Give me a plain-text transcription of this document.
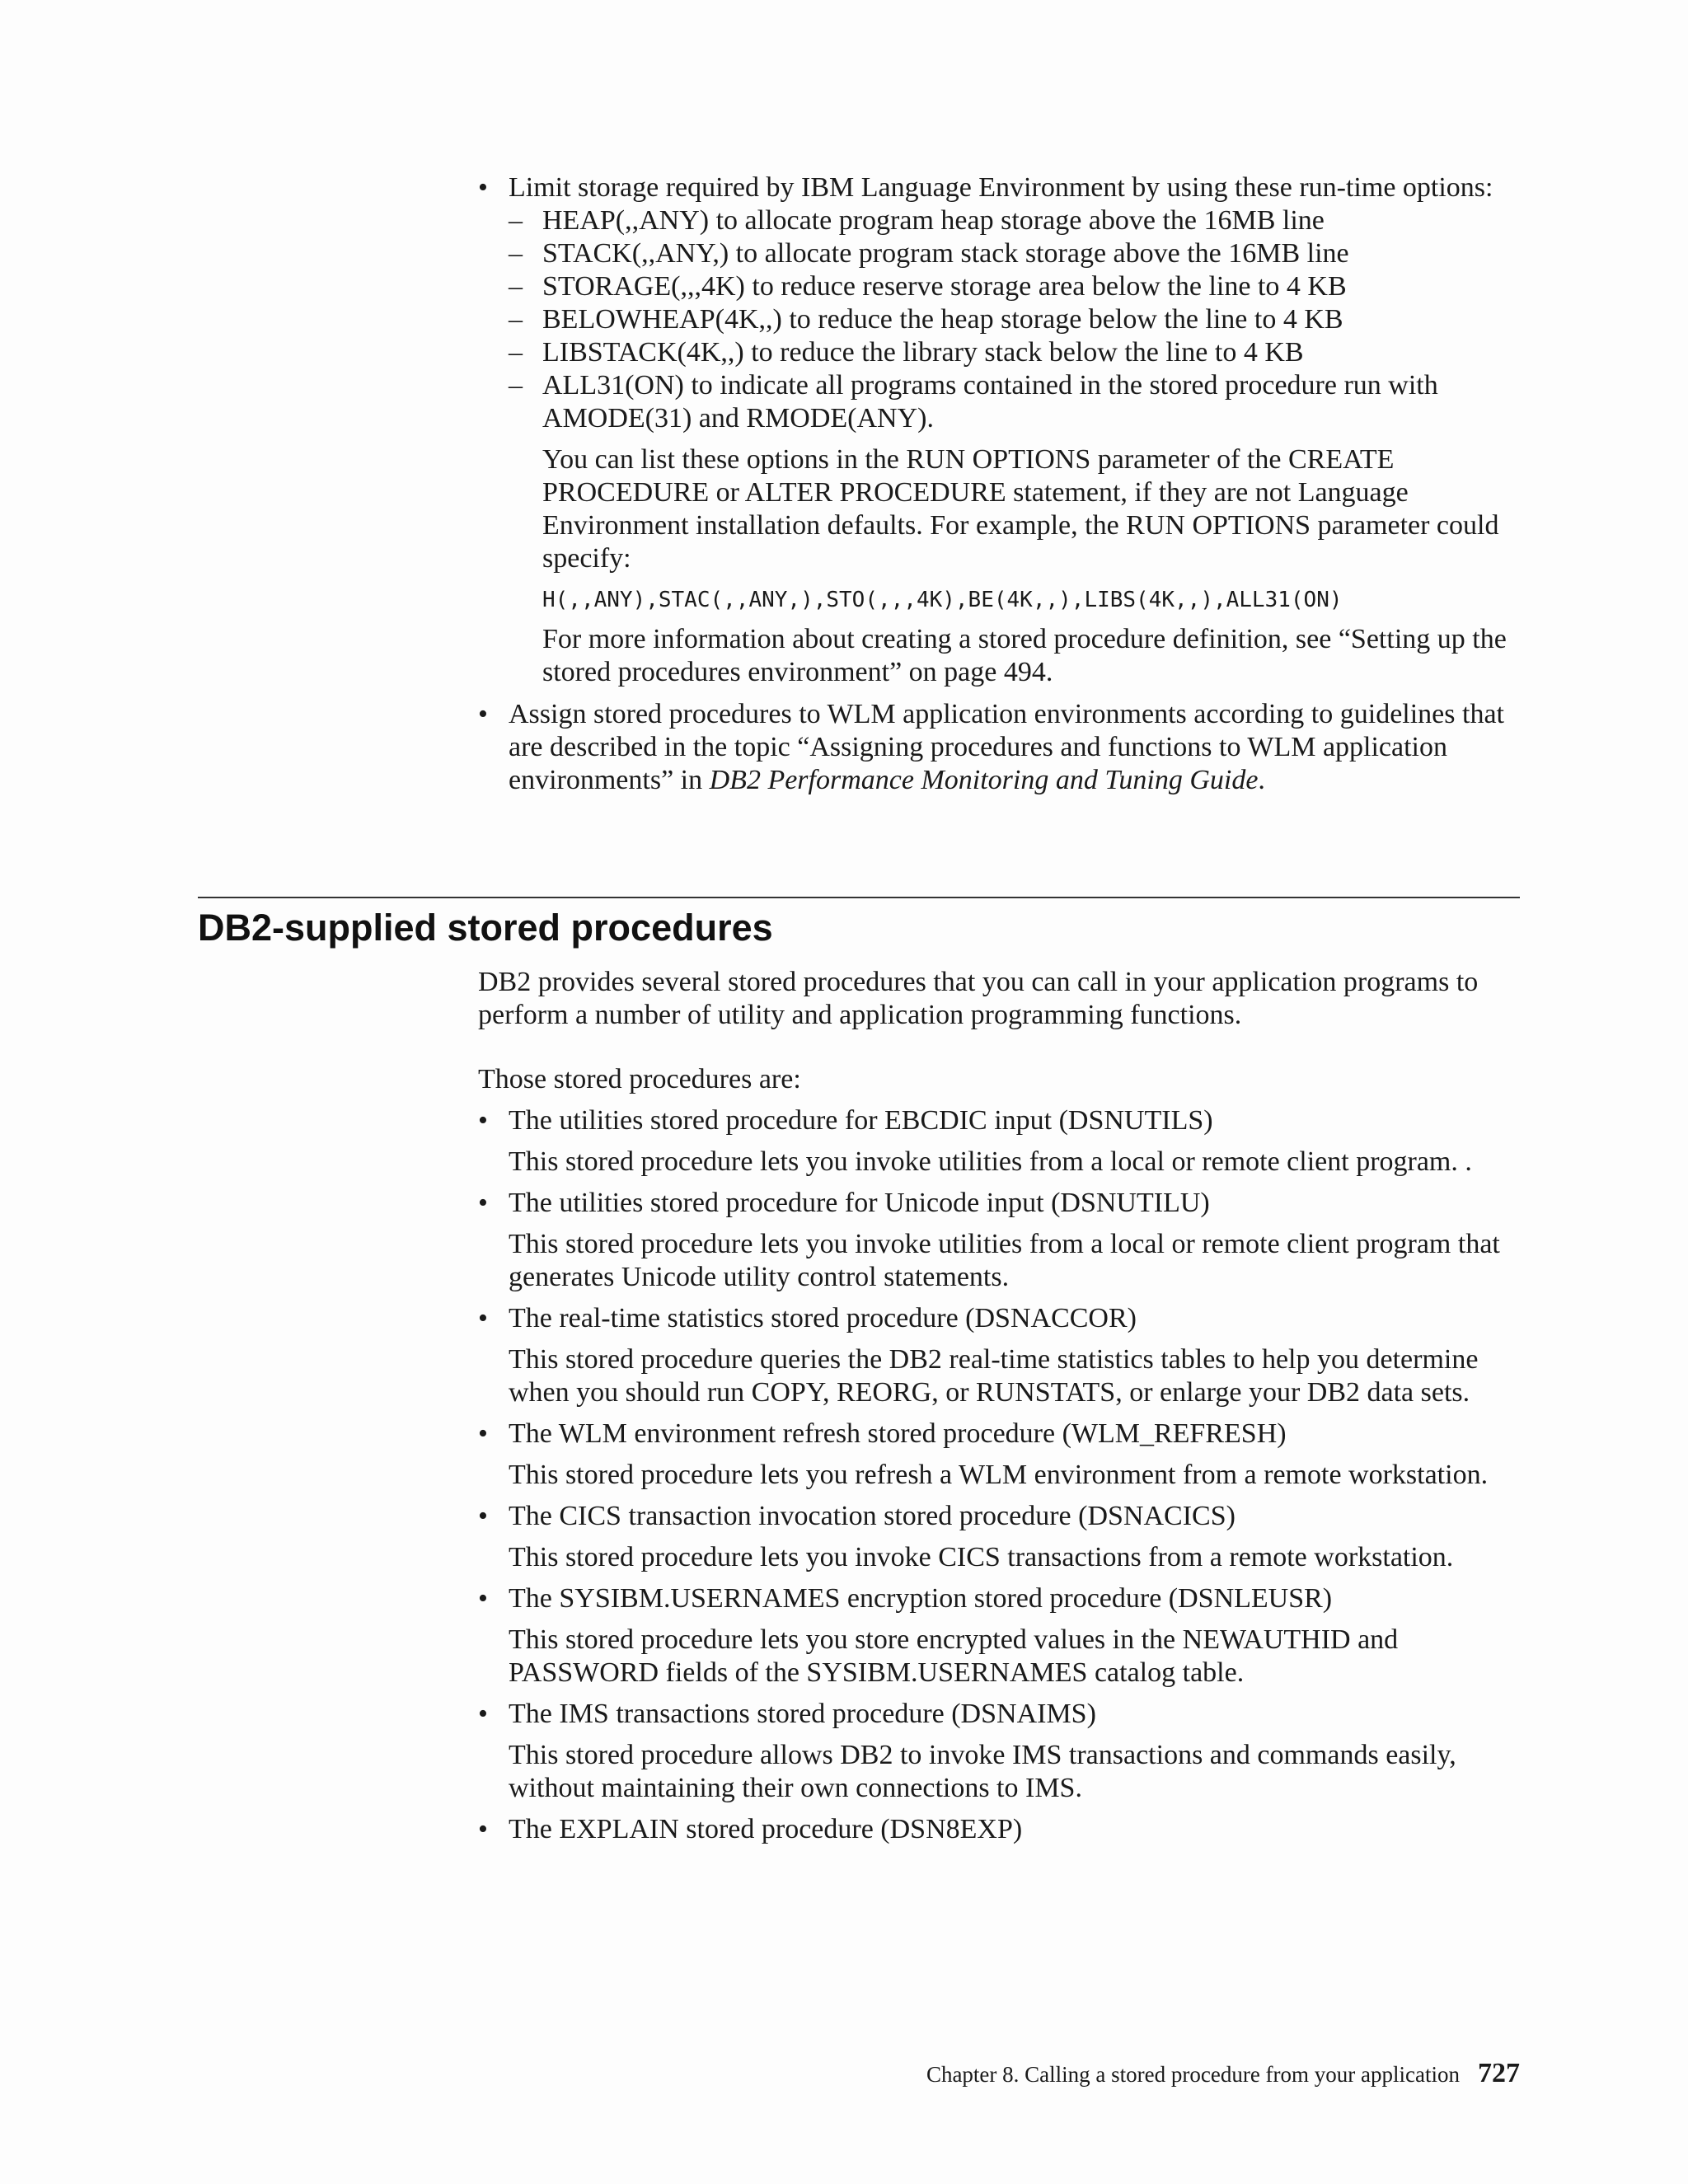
• Limit storage required by IBM Language Environment by using these run-time options:
– HEAP(,,ANY) to allocate program heap storage above the 16MB line
– STACK(,,ANY,) to allocate program stack storage above the 16MB line
– STORAGE(,,,4K) to reduce reserve storage area below the line to 4 KB
– BELOWHEAP(4K,,) to reduce the heap storage below the line to 4 KB
– LIBSTACK(4K,,) to reduce the library stack below the line to 4 KB
– ALL31(ON) to indicate all programs contained in the stored procedure run with AMODE(31) and RMODE(ANY).
You can list these options in the RUN OPTIONS parameter of the CREATE PROCEDURE or ALTER PROCEDURE statement, if they are not Language Environment installation defaults. For example, the RUN OPTIONS parameter could specify:
H(,,ANY),STAC(,,ANY,),STO(,,,4K),BE(4K,,),LIBS(4K,,),ALL31(ON)
For more information about creating a stored procedure definition, see “Setting up the stored procedures environment” on page 494.
• Assign stored procedures to WLM application environments according to guidelines that are described in the topic “Assigning procedures and functions to WLM application environments” in DB2 Performance Monitoring and Tuning Guide.
DB2-supplied stored procedures
DB2 provides several stored procedures that you can call in your application programs to perform a number of utility and application programming functions.
Those stored procedures are:
• The utilities stored procedure for EBCDIC input (DSNUTILS)
This stored procedure lets you invoke utilities from a local or remote client program. .
• The utilities stored procedure for Unicode input (DSNUTILU)
This stored procedure lets you invoke utilities from a local or remote client program that generates Unicode utility control statements.
• The real-time statistics stored procedure (DSNACCOR)
This stored procedure queries the DB2 real-time statistics tables to help you determine when you should run COPY, REORG, or RUNSTATS, or enlarge your DB2 data sets.
• The WLM environment refresh stored procedure (WLM_REFRESH)
This stored procedure lets you refresh a WLM environment from a remote workstation.
• The CICS transaction invocation stored procedure (DSNACICS)
This stored procedure lets you invoke CICS transactions from a remote workstation.
• The SYSIBM.USERNAMES encryption stored procedure (DSNLEUSR)
This stored procedure lets you store encrypted values in the NEWAUTHID and PASSWORD fields of the SYSIBM.USERNAMES catalog table.
• The IMS transactions stored procedure (DSNAIMS)
This stored procedure allows DB2 to invoke IMS transactions and commands easily, without maintaining their own connections to IMS.
• The EXPLAIN stored procedure (DSN8EXP)
Chapter 8. Calling a stored procedure from your application 727
